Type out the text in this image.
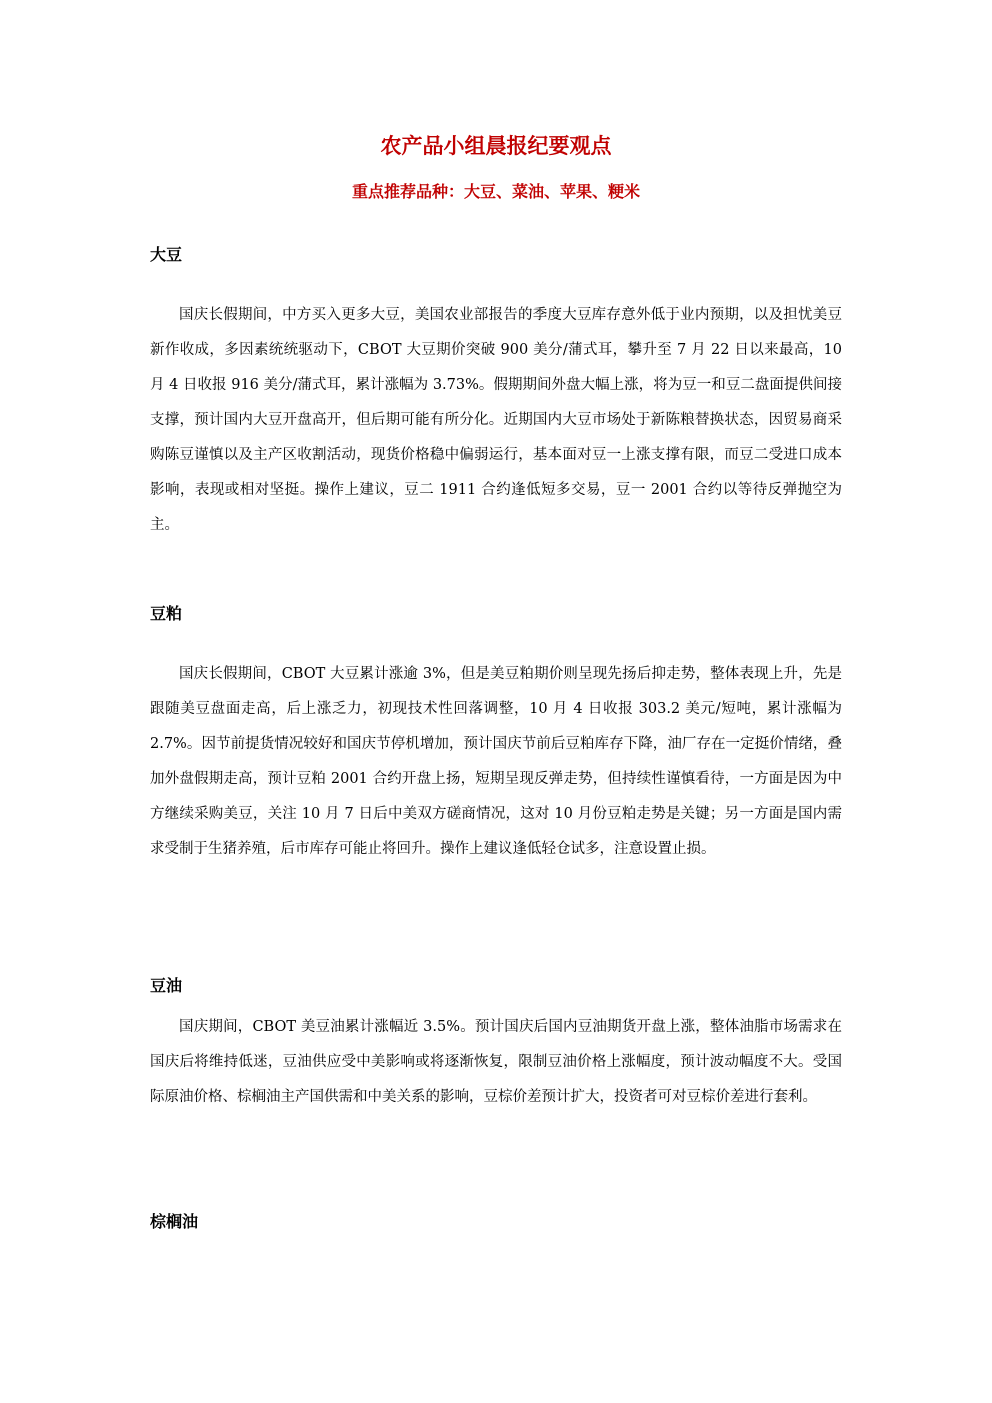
农产品小组晨报纪要观点
重点推荐品种：大豆、菜油、苹果、粳米
大豆

国庆长假期间，中方买入更多大豆，美国农业部报告的季度大豆库存意外低于业内预期，以及担忧美豆新作收成，多因素统统驱动下，CBOT 大豆期价突破 900 美分/蒲式耳，攀升至 7 月 22 日以来最高，10 月 4 日收报 916 美分/蒲式耳，累计涨幅为 3.73%。假期期间外盘大幅上涨，将为豆一和豆二盘面提供间接支撑，预计国内大豆开盘高开，但后期可能有所分化。近期国内大豆市场处于新陈粮替换状态，因贸易商采购陈豆谨慎以及主产区收割活动，现货价格稳中偏弱运行，基本面对豆一上涨支撑有限，而豆二受进口成本影响，表现或相对坚挺。操作上建议，豆二 1911 合约逢低短多交易，豆一 2001 合约以等待反弹抛空为主。

豆粕

国庆长假期间，CBOT 大豆累计涨逾 3%，但是美豆粕期价则呈现先扬后抑走势，整体表现上升，先是跟随美豆盘面走高，后上涨乏力，初现技术性回落调整，10 月 4 日收报 303.2 美元/短吨，累计涨幅为 2.7%。因节前提货情况较好和国庆节停机增加，预计国庆节前后豆粕库存下降，油厂存在一定挺价情绪，叠加外盘假期走高，预计豆粕 2001 合约开盘上扬，短期呈现反弹走势，但持续性谨慎看待，一方面是因为中方继续采购美豆，关注 10 月 7 日后中美双方磋商情况，这对 10 月份豆粕走势是关键；另一方面是国内需求受制于生猪养殖，后市库存可能止将回升。操作上建议逢低轻仓试多，注意设置止损。

豆油

国庆期间，CBOT 美豆油累计涨幅近 3.5%。预计国庆后国内豆油期货开盘上涨，整体油脂市场需求在国庆后将维持低迷，豆油供应受中美影响或将逐渐恢复，限制豆油价格上涨幅度，预计波动幅度不大。受国际原油价格、棕榈油主产国供需和中美关系的影响，豆棕价差预计扩大，投资者可对豆棕价差进行套利。

棕榈油
